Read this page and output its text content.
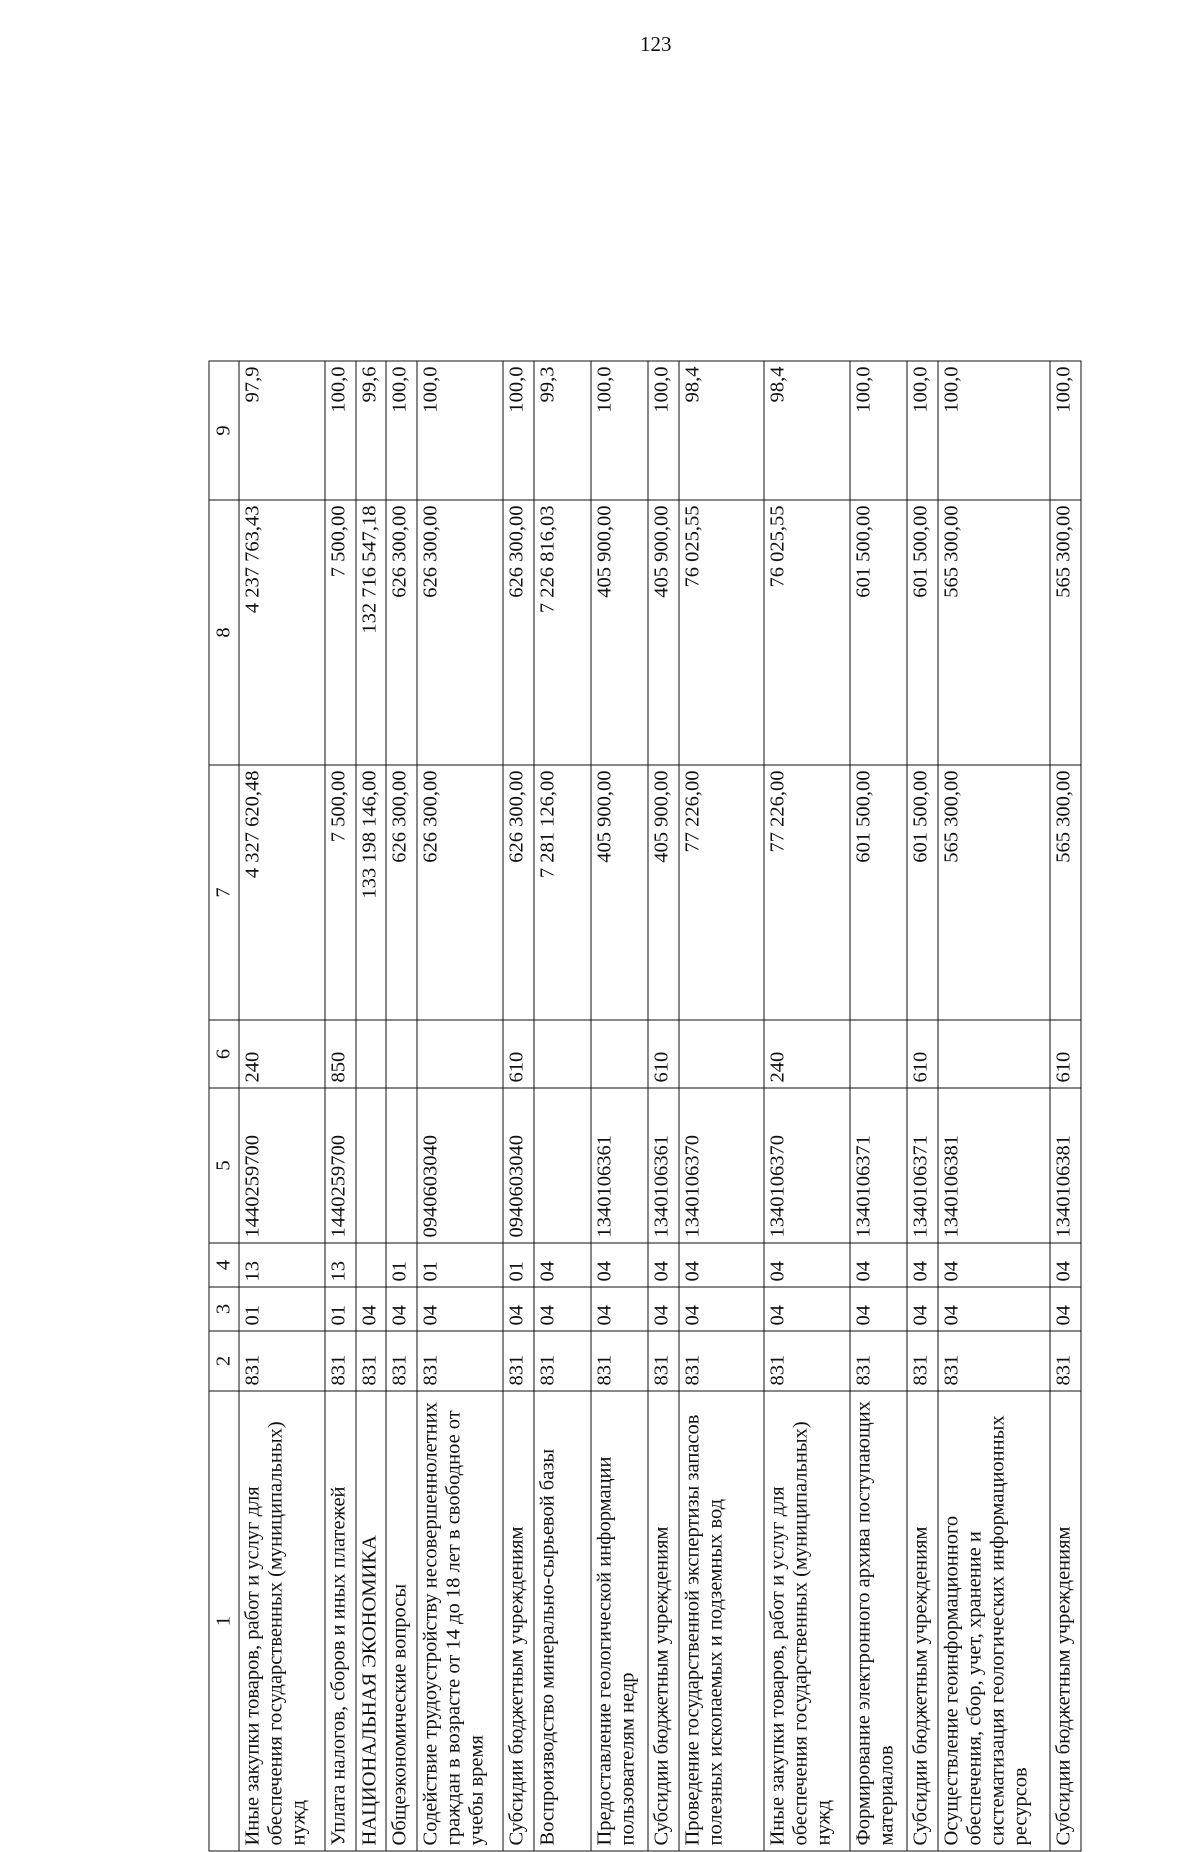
123
1	2	3	4	5	6	7	8	9
Иные закупки товаров, работ и услуг для обеспечения государственных (муниципальных) нужд	831	01	13	1440259700	240	4 327 620,48	4 237 763,43	97,9
Уплата налогов, сборов и иных платежей	831	01	13	1440259700	850	7 500,00	7 500,00	100,0
НАЦИОНАЛЬНАЯ ЭКОНОМИКА	831	04				133 198 146,00	132 716 547,18	99,6
Общеэкономические вопросы	831	04	01			626 300,00	626 300,00	100,0
Содействие трудоустройству несовершеннолетних граждан в возрасте от 14 до 18 лет в свободное от учебы время	831	04	01	0940603040		626 300,00	626 300,00	100,0
Субсидии бюджетным учреждениям	831	04	01	0940603040	610	626 300,00	626 300,00	100,0
Воспроизводство минерально-сырьевой базы	831	04	04			7 281 126,00	7 226 816,03	99,3
Предоставление геологической информации пользователям недр	831	04	04	1340106361		405 900,00	405 900,00	100,0
Субсидии бюджетным учреждениям	831	04	04	1340106361	610	405 900,00	405 900,00	100,0
Проведение государственной экспертизы запасов полезных ископаемых и подземных вод	831	04	04	1340106370		77 226,00	76 025,55	98,4
Иные закупки товаров, работ и услуг для обеспечения государственных (муниципальных) нужд	831	04	04	1340106370	240	77 226,00	76 025,55	98,4
Формирование электронного архива поступающих материалов	831	04	04	1340106371		601 500,00	601 500,00	100,0
Субсидии бюджетным учреждениям	831	04	04	1340106371	610	601 500,00	601 500,00	100,0
Осуществление геоинформационного обеспечения, сбор, учет, хранение и систематизация геологических информационных ресурсов	831	04	04	1340106381		565 300,00	565 300,00	100,0
Субсидии бюджетным учреждениям	831	04	04	1340106381	610	565 300,00	565 300,00	100,0
